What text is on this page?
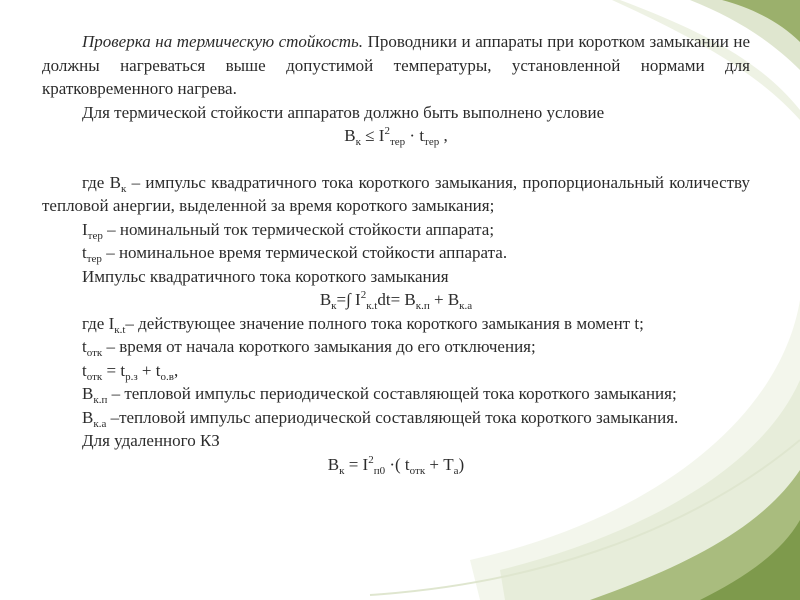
Проверка на термическую стойкость. Проводники и аппараты при коротком замыкании не должны нагреваться выше допустимой температуры, установленной нормами для кратковременного нагрева.

Для термической стойкости аппаратов должно быть выполнено условие

$В_к \le I^2_{тер} \cdot t_{тер}$ ,

где $В_к$ – импульс квадратичного тока короткого замыкания, пропорциональный количеству тепловой анергии, выделенной за время короткого замыкания;

$I_{тер}$ – номинальный ток термической стойкости аппарата;

$t_{тер}$ – номинальное время термической стойкости аппарата.

Импульс квадратичного тока короткого замыкания

$В_к=\int$ $I^2_{к.t}dt= В_{к.п} + В_{к.а}$

где $I_{к.t}-$ действующее значение полного тока короткого замыкания в момент t;

$t_{отк}$ – время от начала короткого замыкания до его отключения;

$t_{отк} = t_{р.з} + t_{о.в}$,

$В_{к.п}$ – тепловой импульс периодической составляющей тока короткого замыкания;

$В_{к.а}$ –тепловой импульс апериодической составляющей тока короткого замыкания.

Для удаленного КЗ

$В_к = I^2_{п0}$ ·( $t_{отк} + T_а$)
